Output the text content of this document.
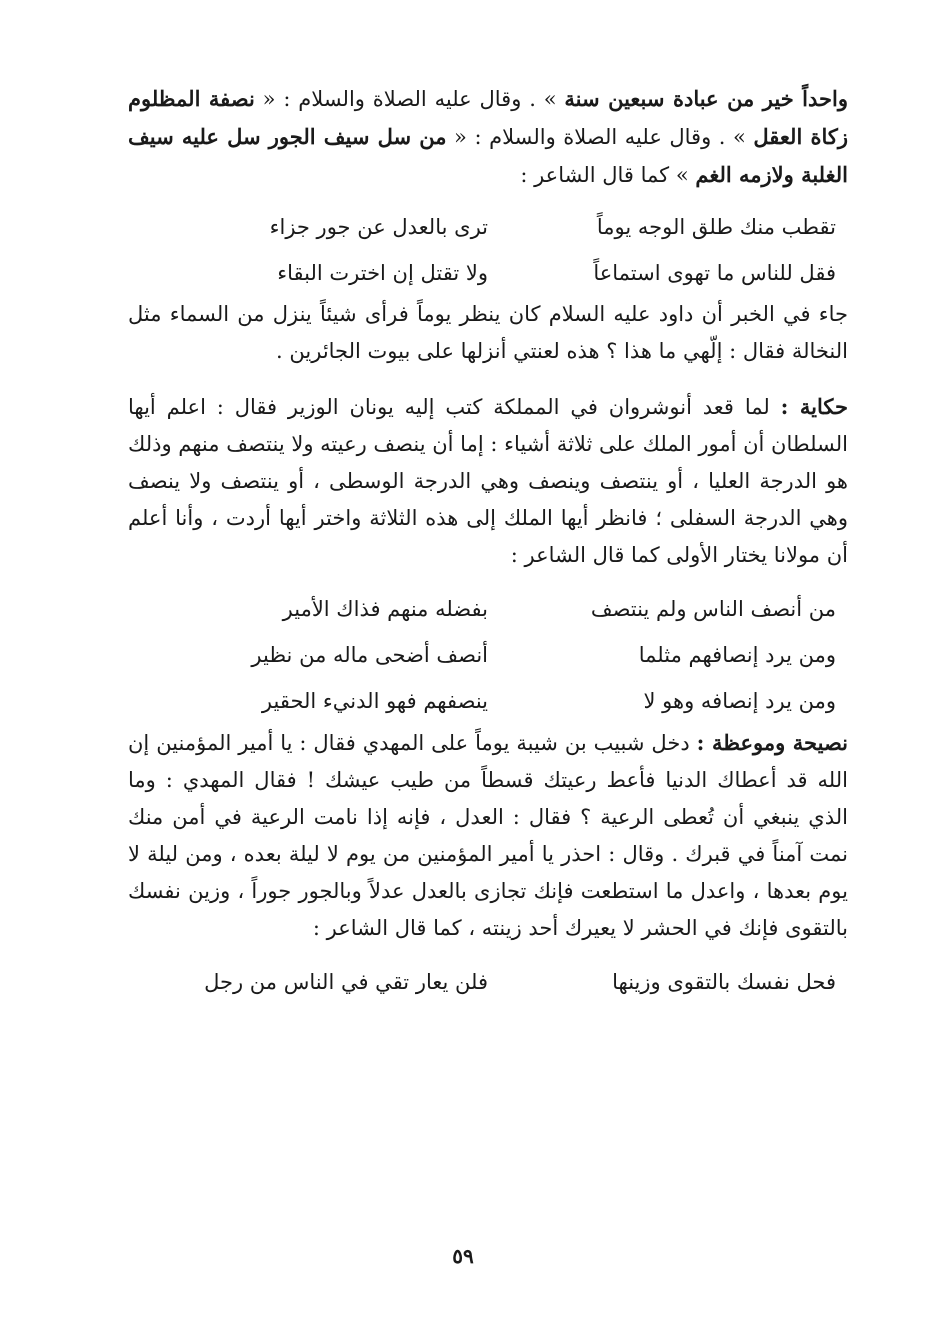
واحداً خير من عبادة سبعين سنة » . وقال عليه الصلاة والسلام : « نصفة المظلوم زكاة العقل » . وقال عليه الصلاة والسلام : « من سل سيف الجور سل عليه سيف الغلبة ولازمه الغم » كما قال الشاعر :

تقطب منك طلق الوجه يوماً
ترى بالعدل عن جور جزاء
فقل للناس ما تهوى استماعاً
ولا تقتل إن اخترت البقاء

جاء في الخبر أن داود عليه السلام كان ينظر يوماً فرأى شيئاً ينزل من السماء مثل النخالة فقال : إلّهي ما هذا ؟ هذه لعنتي أنزلها على بيوت الجائرين .

حكاية : لما قعد أنوشروان في المملكة كتب إليه يونان الوزير فقال : اعلم أيها السلطان أن أمور الملك على ثلاثة أشياء : إما أن ينصف رعيته ولا ينتصف منهم وذلك هو الدرجة العليا ، أو ينتصف وينصف وهي الدرجة الوسطى ، أو ينتصف ولا ينصف وهي الدرجة السفلى ؛ فانظر أيها الملك إلى هذه الثلاثة واختر أيها أردت ، وأنا أعلم أن مولانا يختار الأولى كما قال الشاعر :

من أنصف الناس ولم ينتصف
بفضله منهم فذاك الأمير
ومن يرد إنصافهم مثلما
أنصف أضحى ماله من نظير
ومن يرد إنصافه وهو لا
ينصفهم فهو الدنيء الحقير

نصيحة وموعظة : دخل شبيب بن شيبة يوماً على المهدي فقال : يا أمير المؤمنين إن الله قد أعطاك الدنيا فأعط رعيتك قسطاً من طيب عيشك ! فقال المهدي : وما الذي ينبغي أن تُعطى الرعية ؟ فقال : العدل ، فإنه إذا نامت الرعية في أمن منك نمت آمناً في قبرك . وقال : احذر يا أمير المؤمنين من يوم لا ليلة بعده ، ومن ليلة لا يوم بعدها ، واعدل ما استطعت فإنك تجازى بالعدل عدلاً وبالجور جوراً ، وزين نفسك بالتقوى فإنك في الحشر لا يعيرك أحد زينته ، كما قال الشاعر :

فحل نفسك بالتقوى وزينها
فلن يعار تقي في الناس من رجل
٥٩
